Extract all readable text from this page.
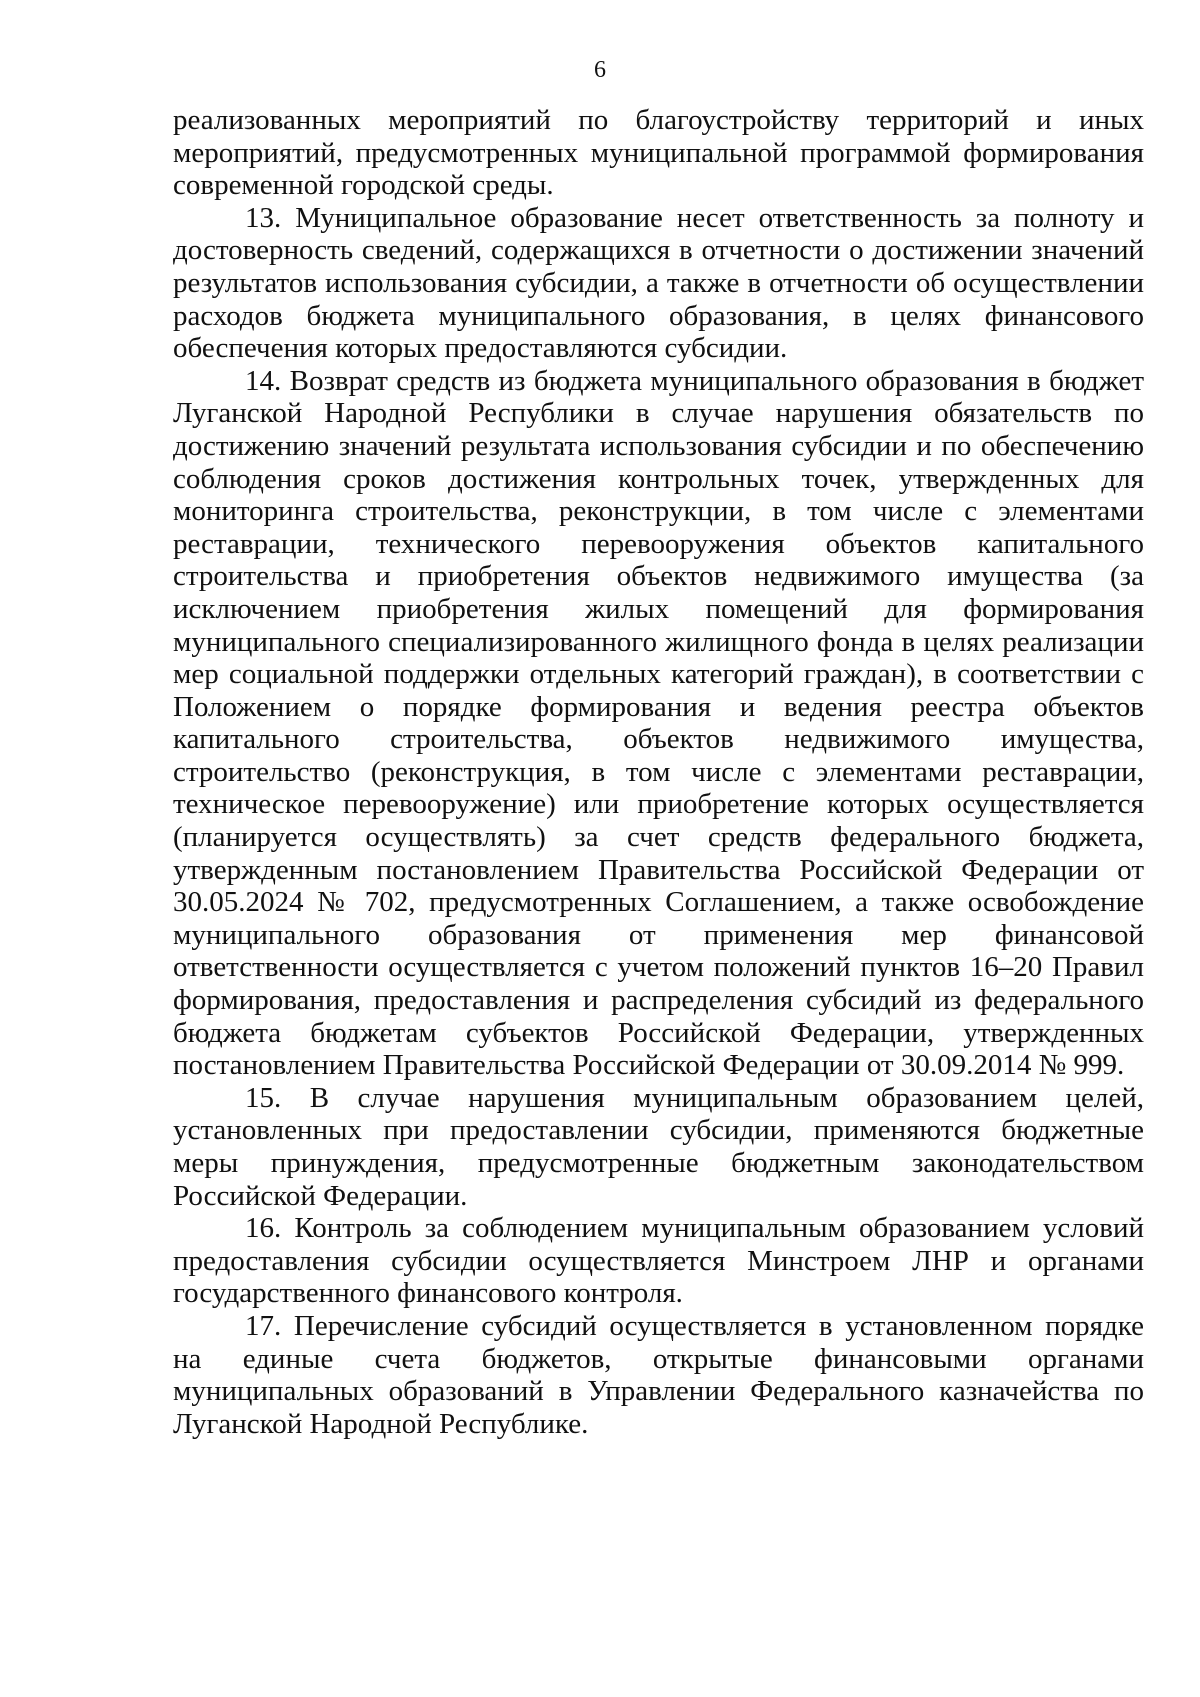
6

реализованных мероприятий по благоустройству территорий и иных мероприятий, предусмотренных муниципальной программой формирования современной городской среды.

13. Муниципальное образование несет ответственность за полноту и достоверность сведений, содержащихся в отчетности о достижении значений результатов использования субсидии, а также в отчетности об осуществлении расходов бюджета муниципального образования, в целях финансового обеспечения которых предоставляются субсидии.

14. Возврат средств из бюджета муниципального образования в бюджет Луганской Народной Республики в случае нарушения обязательств по достижению значений результата использования субсидии и по обеспечению соблюдения сроков достижения контрольных точек, утвержденных для мониторинга строительства, реконструкции, в том числе с элементами реставрации, технического перевооружения объектов капитального строительства и приобретения объектов недвижимого имущества (за исключением приобретения жилых помещений для формирования муниципального специализированного жилищного фонда в целях реализации мер социальной поддержки отдельных категорий граждан), в соответствии с Положением о порядке формирования и ведения реестра объектов капитального строительства, объектов недвижимого имущества, строительство (реконструкция, в том числе с элементами реставрации, техническое перевооружение) или приобретение которых осуществляется (планируется осуществлять) за счет средств федерального бюджета, утвержденным постановлением Правительства Российской Федерации от 30.05.2024 № 702, предусмотренных Соглашением, а также освобождение муниципального образования от применения мер финансовой ответственности осуществляется с учетом положений пунктов 16–20 Правил формирования, предоставления и распределения субсидий из федерального бюджета бюджетам субъектов Российской Федерации, утвержденных постановлением Правительства Российской Федерации от 30.09.2014 № 999.

15. В случае нарушения муниципальным образованием целей, установленных при предоставлении субсидии, применяются бюджетные меры принуждения, предусмотренные бюджетным законодательством Российской Федерации.

16. Контроль за соблюдением муниципальным образованием условий предоставления субсидии осуществляется Минстроем ЛНР и органами государственного финансового контроля.

17. Перечисление субсидий осуществляется в установленном порядке на единые счета бюджетов, открытые финансовыми органами муниципальных образований в Управлении Федерального казначейства по Луганской Народной Республике.
